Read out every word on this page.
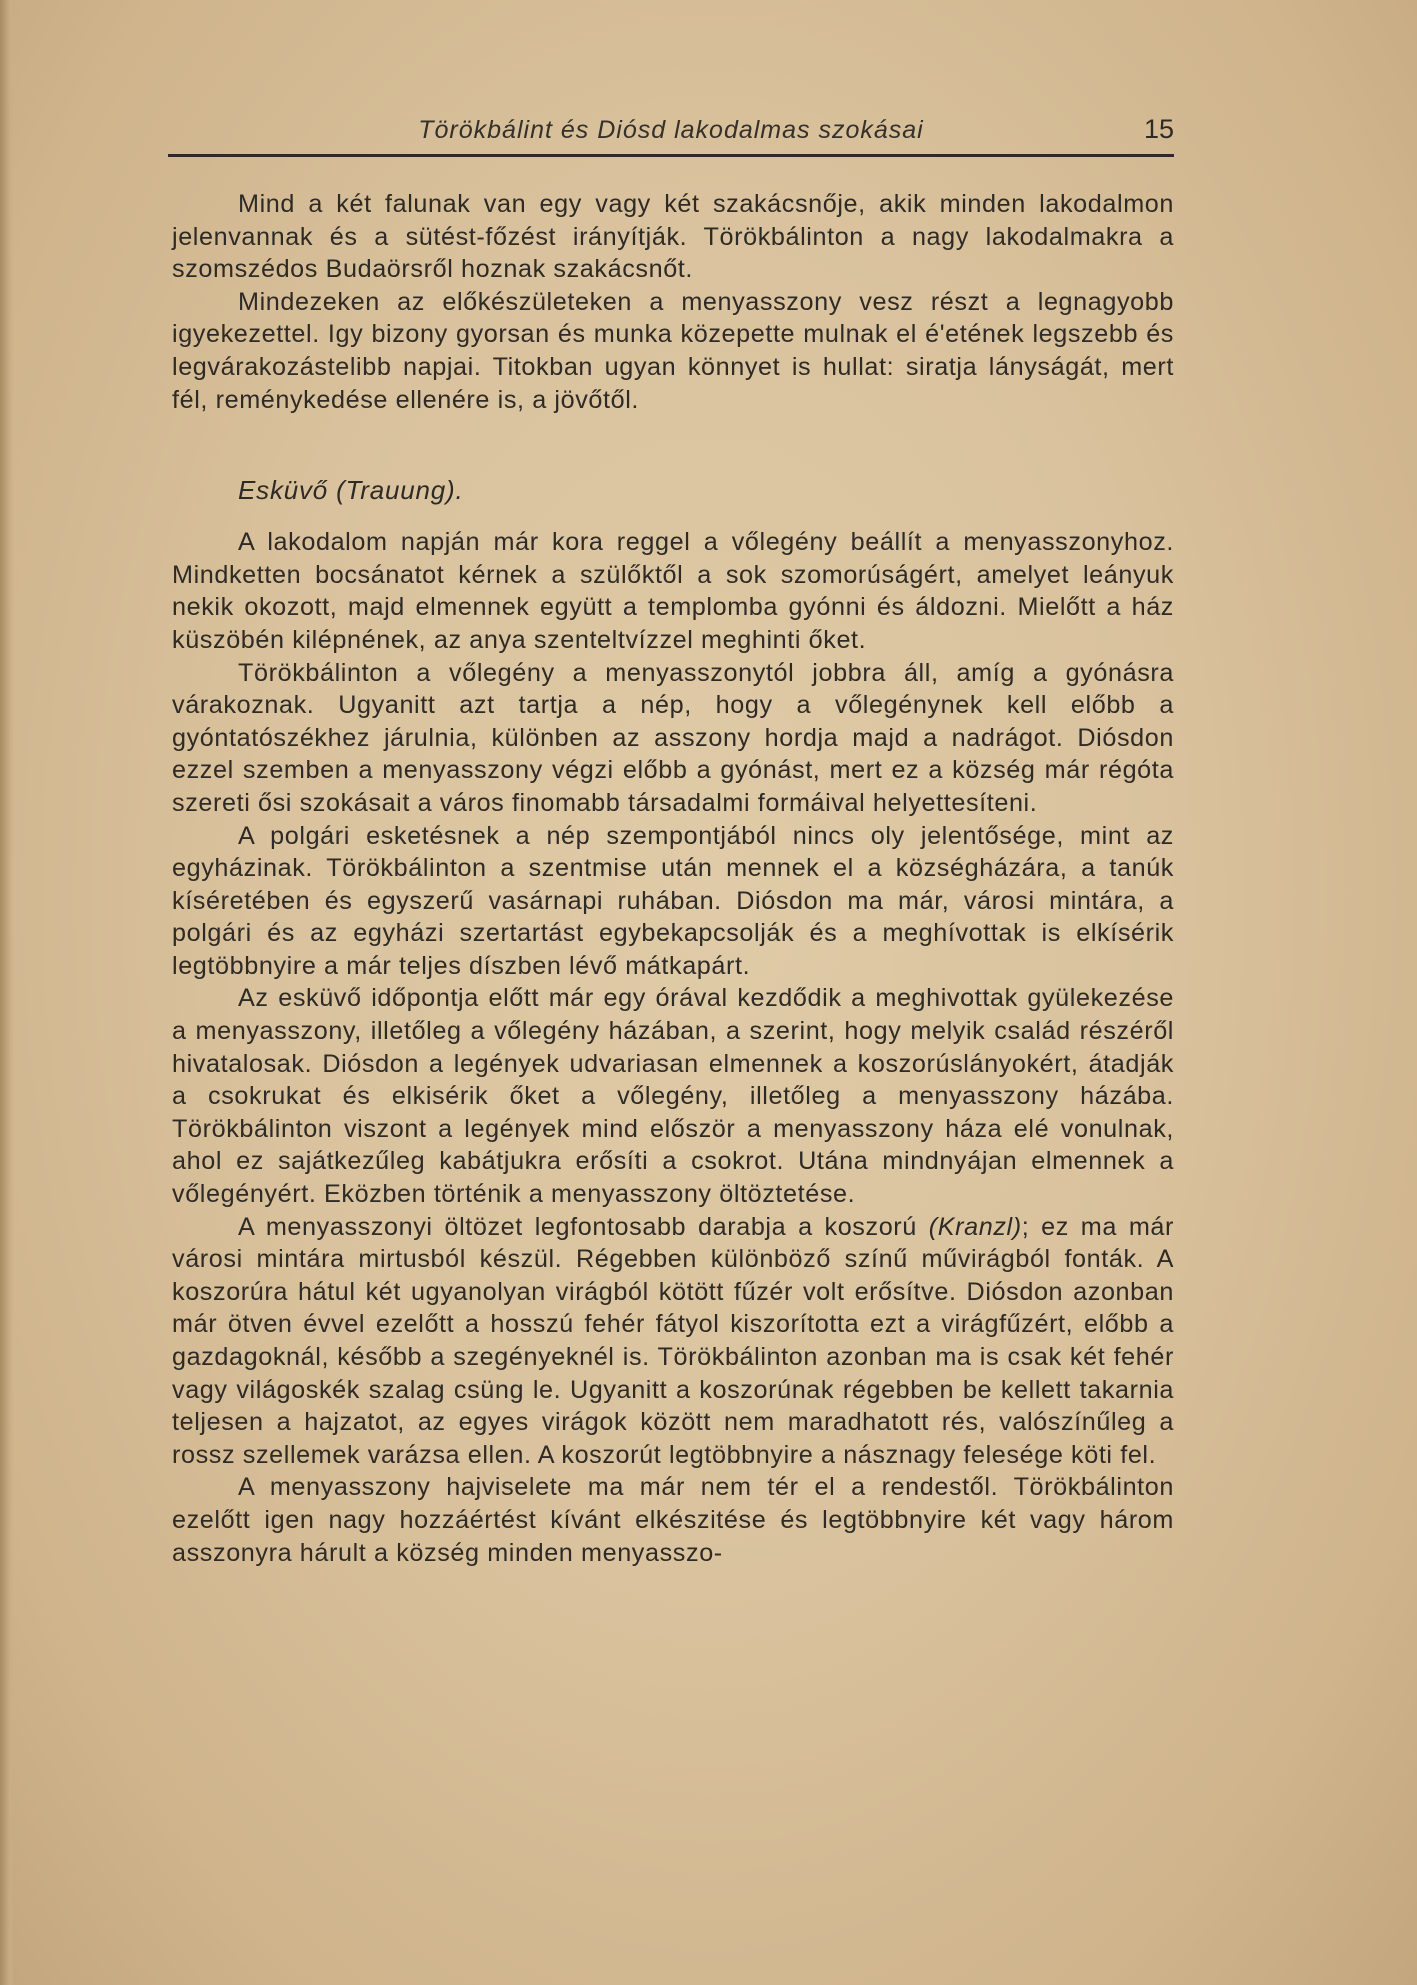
Törökbálint és Diósd lakodalmas szokásai	15

Mind a két falunak van egy vagy két szakácsnője, akik minden lakodalmon jelenvannak és a sütést-főzést irányítják. Törökbálinton a nagy lakodalmakra a szomszédos Budaörsről hoznak szakácsnőt.

Mindezeken az előkészületeken a menyasszony vesz részt a legnagyobb igyekezettel. Igy bizony gyorsan és munka közepette mulnak el é'etének legszebb és legvárakozástelibb napjai. Titokban ugyan könnyet is hullat: siratja lányságát, mert fél, reménykedése ellenére is, a jövőtől.

Esküvő (Trauung).

A lakodalom napján már kora reggel a vőlegény beállít a menyasszonyhoz. Mindketten bocsánatot kérnek a szülőktől a sok szomorúságért, amelyet leányuk nekik okozott, majd elmennek együtt a templomba gyónni és áldozni. Mielőtt a ház küszöbén kilépnének, az anya szenteltvízzel meghinti őket.

Törökbálinton a vőlegény a menyasszonytól jobbra áll, amíg a gyónásra várakoznak. Ugyanitt azt tartja a nép, hogy a vőlegénynek kell előbb a gyóntatószékhez járulnia, különben az asszony hordja majd a nadrágot. Diósdon ezzel szemben a menyasszony végzi előbb a gyónást, mert ez a község már régóta szereti ősi szokásait a város finomabb társadalmi formáival helyettesíteni.

A polgári esketésnek a nép szempontjából nincs oly jelentősége, mint az egyházinak. Törökbálinton a szentmise után mennek el a községházára, a tanúk kíséretében és egyszerű vasárnapi ruhában. Diósdon ma már, városi mintára, a polgári és az egyházi szertartást egybekapcsolják és a meghívottak is elkísérik legtöbbnyire a már teljes díszben lévő mátkapárt.

Az esküvő időpontja előtt már egy órával kezdődik a meghivottak gyülekezése a menyasszony, illetőleg a vőlegény házában, a szerint, hogy melyik család részéről hivatalosak. Diósdon a legények udvariasan elmennek a koszorúslányokért, átadják a csokrukat és elkisérik őket a vőlegény, illetőleg a menyasszony házába. Törökbálinton viszont a legények mind először a menyasszony háza elé vonulnak, ahol ez sajátkezűleg kabátjukra erősíti a csokrot. Utána mindnyájan elmennek a vőlegényért. Eközben történik a menyasszony öltöztetése.

A menyasszonyi öltözet legfontosabb darabja a koszorú (Kranzl); ez ma már városi mintára mirtusból készül. Régebben különböző színű művirágból fonták. A koszorúra hátul két ugyanolyan virágból kötött fűzér volt erősítve. Diósdon azonban már ötven évvel ezelőtt a hosszú fehér fátyol kiszorította ezt a virágfűzért, előbb a gazdagoknál, később a szegényeknél is. Törökbálinton azonban ma is csak két fehér vagy világoskék szalag csüng le. Ugyanitt a koszorúnak régebben be kellett takarnia teljesen a hajzatot, az egyes virágok között nem maradhatott rés, valószínűleg a rossz szellemek varázsa ellen. A koszorút legtöbbnyire a násznagy felesége köti fel.

A menyasszony hajviselete ma már nem tér el a rendestől. Törökbálinton ezelőtt igen nagy hozzáértést kívánt elkészitése és legtöbbnyire két vagy három asszonyra hárult a község minden menyasszo-
